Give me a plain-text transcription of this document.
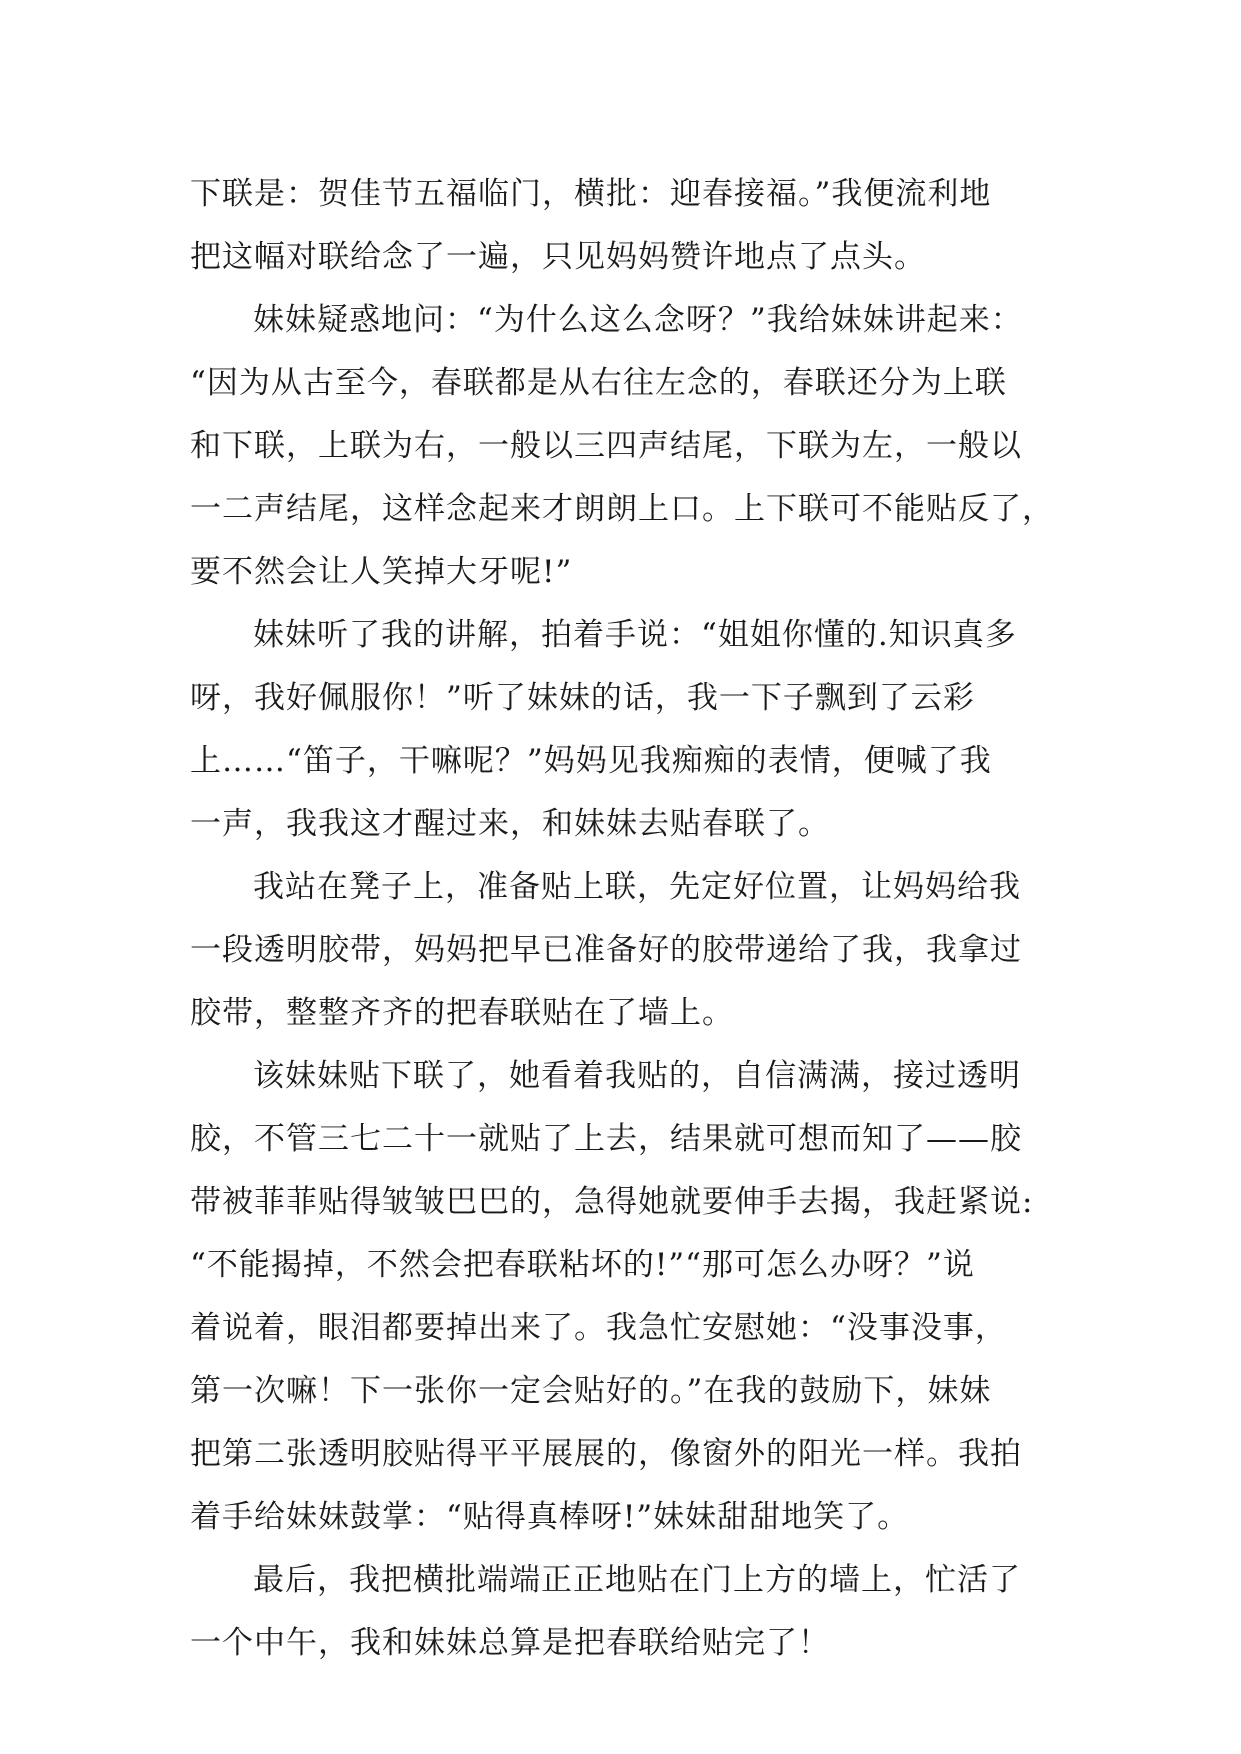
下联是：贺佳节五福临门，横批：迎春接福。”我便流利地
把这幅对联给念了一遍，只见妈妈赞许地点了点头。
妹妹疑惑地问：“为什么这么念呀？”我给妹妹讲起来：
“因为从古至今，春联都是从右往左念的，春联还分为上联
和下联，上联为右，一般以三四声结尾，下联为左，一般以
一二声结尾，这样念起来才朗朗上口。上下联可不能贴反了，
要不然会让人笑掉大牙呢!”
妹妹听了我的讲解，拍着手说：“姐姐你懂的.知识真多
呀，我好佩服你！”听了妹妹的话，我一下子飘到了云彩
上……“笛子，干嘛呢？”妈妈见我痴痴的表情，便喊了我
一声，我我这才醒过来，和妹妹去贴春联了。
我站在凳子上，准备贴上联，先定好位置，让妈妈给我
一段透明胶带，妈妈把早已准备好的胶带递给了我，我拿过
胶带，整整齐齐的把春联贴在了墙上。
该妹妹贴下联了，她看着我贴的，自信满满，接过透明
胶，不管三七二十一就贴了上去，结果就可想而知了——胶
带被菲菲贴得皱皱巴巴的，急得她就要伸手去揭，我赶紧说:
“不能揭掉，不然会把春联粘坏的!”“那可怎么办呀？”说
着说着，眼泪都要掉出来了。我急忙安慰她：“没事没事，
第一次嘛！下一张你一定会贴好的。”在我的鼓励下，妹妹
把第二张透明胶贴得平平展展的，像窗外的阳光一样。我拍
着手给妹妹鼓掌：“贴得真棒呀!”妹妹甜甜地笑了。
最后，我把横批端端正正地贴在门上方的墙上，忙活了
一个中午，我和妹妹总算是把春联给贴完了！
